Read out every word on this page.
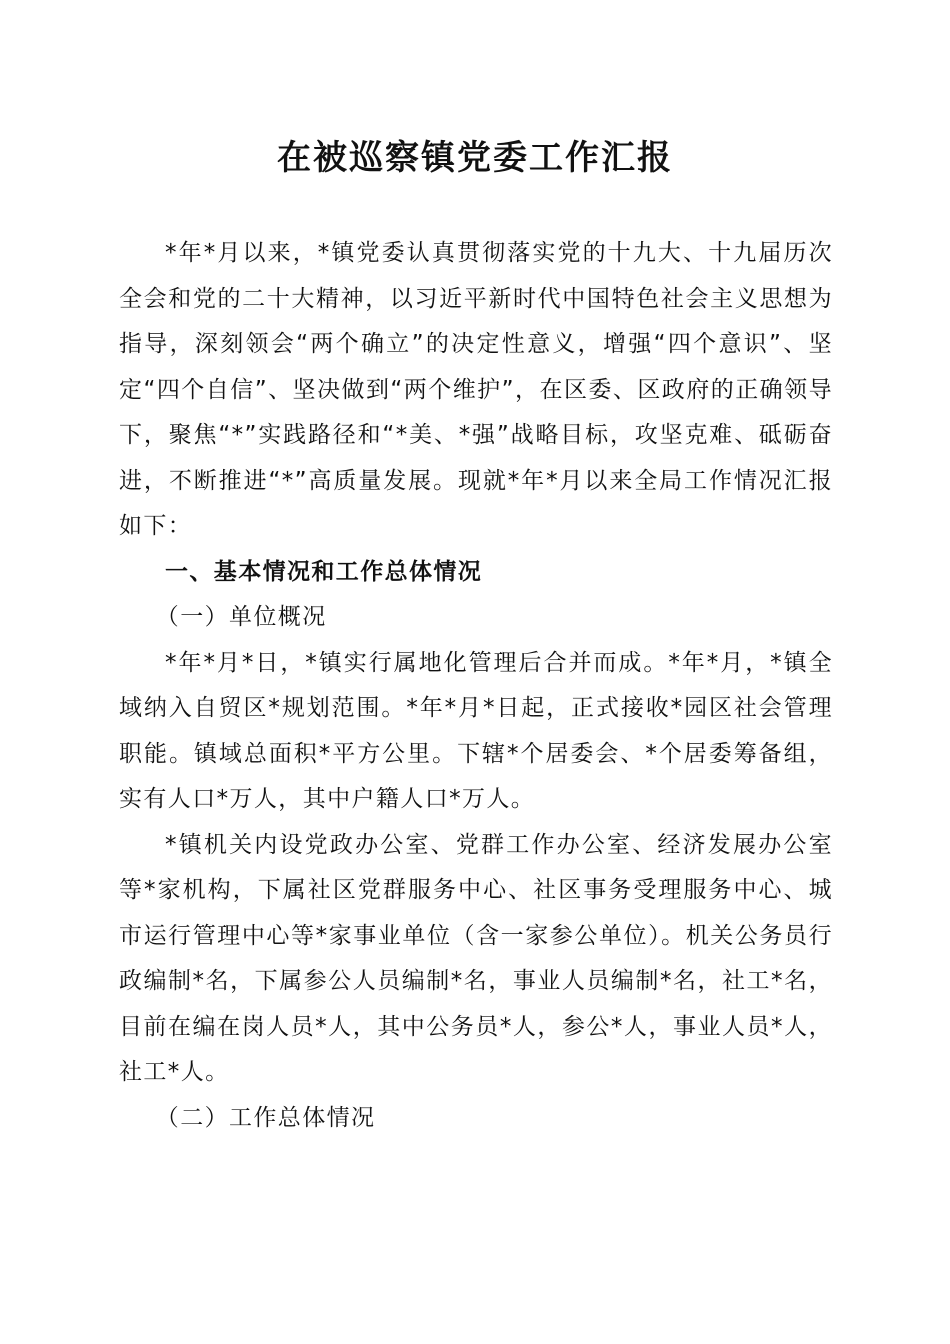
在被巡察镇党委工作汇报

*年*月以来，*镇党委认真贯彻落实党的十九大、十九届历次全会和党的二十大精神，以习近平新时代中国特色社会主义思想为指导，深刻领会“两个确立”的决定性意义，增强“四个意识”、坚定“四个自信”、坚决做到“两个维护”，在区委、区政府的正确领导下，聚焦“*”实践路径和“*美、*强”战略目标，攻坚克难、砥砺奋进，不断推进“*”高质量发展。现就*年*月以来全局工作情况汇报如下：

一、基本情况和工作总体情况

（一）单位概况

*年*月*日，*镇实行属地化管理后合并而成。*年*月，*镇全域纳入自贸区*规划范围。*年*月*日起，正式接收*园区社会管理职能。镇域总面积*平方公里。下辖*个居委会、*个居委筹备组，实有人口*万人，其中户籍人口*万人。

*镇机关内设党政办公室、党群工作办公室、经济发展办公室等*家机构，下属社区党群服务中心、社区事务受理服务中心、城市运行管理中心等*家事业单位（含一家参公单位）。机关公务员行政编制*名，下属参公人员编制*名，事业人员编制*名，社工*名，目前在编在岗人员*人，其中公务员*人，参公*人，事业人员*人，社工*人。

（二）工作总体情况
